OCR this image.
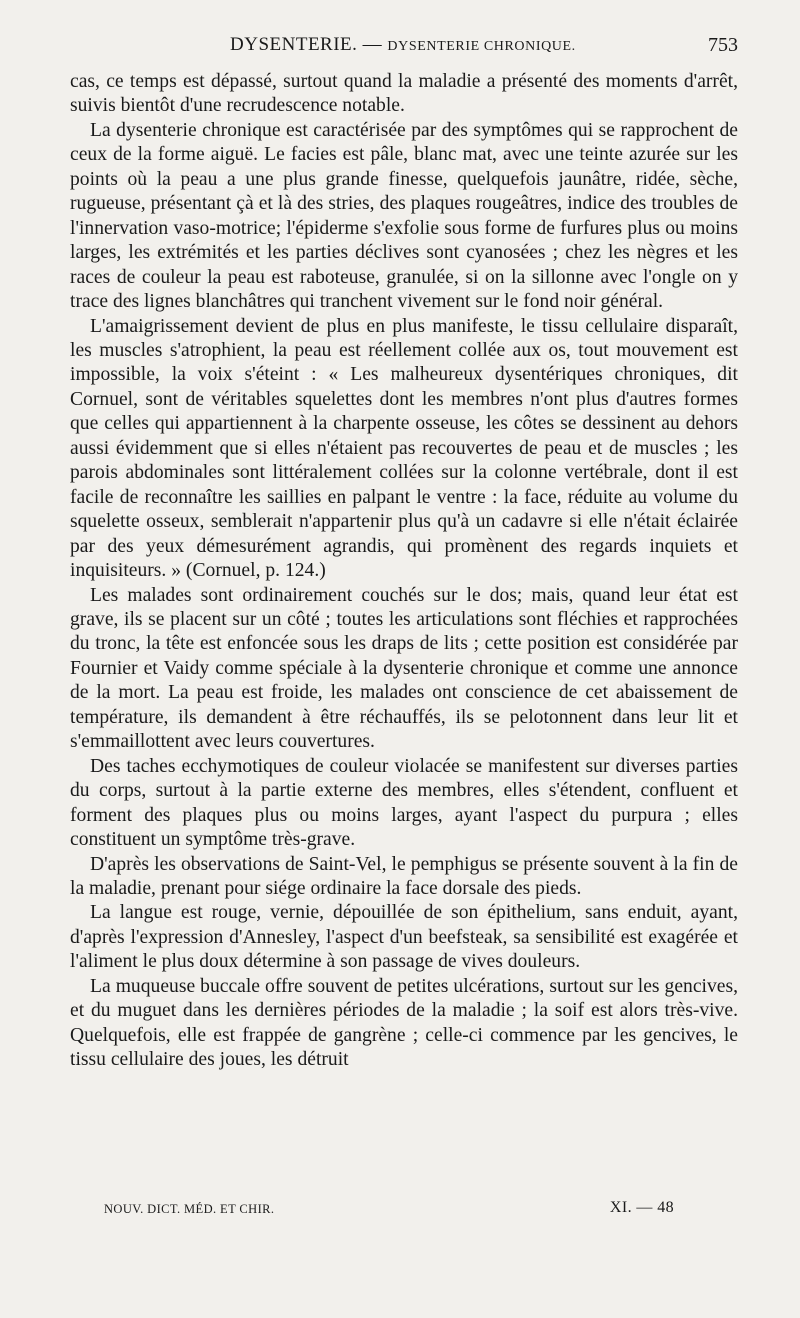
DYSENTERIE. — DYSENTERIE CHRONIQUE.	753

cas, ce temps est dépassé, surtout quand la maladie a présenté des moments d'arrêt, suivis bientôt d'une recrudescence notable.

La dysenterie chronique est caractérisée par des symptômes qui se rapprochent de ceux de la forme aiguë. Le facies est pâle, blanc mat, avec une teinte azurée sur les points où la peau a une plus grande finesse, quelquefois jaunâtre, ridée, sèche, rugueuse, présentant çà et là des stries, des plaques rougeâtres, indice des troubles de l'innervation vaso-motrice; l'épiderme s'exfolie sous forme de furfures plus ou moins larges, les extrémités et les parties déclives sont cyanosées ; chez les nègres et les races de couleur la peau est raboteuse, granulée, si on la sillonne avec l'ongle on y trace des lignes blanchâtres qui tranchent vivement sur le fond noir général.

L'amaigrissement devient de plus en plus manifeste, le tissu cellulaire disparaît, les muscles s'atrophient, la peau est réellement collée aux os, tout mouvement est impossible, la voix s'éteint : « Les malheureux dysentériques chroniques, dit Cornuel, sont de véritables squelettes dont les membres n'ont plus d'autres formes que celles qui appartiennent à la charpente osseuse, les côtes se dessinent au dehors aussi évidemment que si elles n'étaient pas recouvertes de peau et de muscles ; les parois abdominales sont littéralement collées sur la colonne vertébrale, dont il est facile de reconnaître les saillies en palpant le ventre : la face, réduite au volume du squelette osseux, semblerait n'appartenir plus qu'à un cadavre si elle n'était éclairée par des yeux démesurément agrandis, qui promènent des regards inquiets et inquisiteurs. » (Cornuel, p. 124.)

Les malades sont ordinairement couchés sur le dos; mais, quand leur état est grave, ils se placent sur un côté ; toutes les articulations sont fléchies et rapprochées du tronc, la tête est enfoncée sous les draps de lits ; cette position est considérée par Fournier et Vaidy comme spéciale à la dysenterie chronique et comme une annonce de la mort. La peau est froide, les malades ont conscience de cet abaissement de température, ils demandent à être réchauffés, ils se pelotonnent dans leur lit et s'emmaillottent avec leurs couvertures.

Des taches ecchymotiques de couleur violacée se manifestent sur diverses parties du corps, surtout à la partie externe des membres, elles s'étendent, confluent et forment des plaques plus ou moins larges, ayant l'aspect du purpura ; elles constituent un symptôme très-grave.

D'après les observations de Saint-Vel, le pemphigus se présente souvent à la fin de la maladie, prenant pour siége ordinaire la face dorsale des pieds.

La langue est rouge, vernie, dépouillée de son épithelium, sans enduit, ayant, d'après l'expression d'Annesley, l'aspect d'un beefsteak, sa sensibilité est exagérée et l'aliment le plus doux détermine à son passage de vives douleurs.

La muqueuse buccale offre souvent de petites ulcérations, surtout sur les gencives, et du muguet dans les dernières périodes de la maladie ; la soif est alors très-vive. Quelquefois, elle est frappée de gangrène ; celle-ci commence par les gencives, le tissu cellulaire des joues, les détruit

NOUV. DICT. MÉD. ET CHIR.	XI. — 48
